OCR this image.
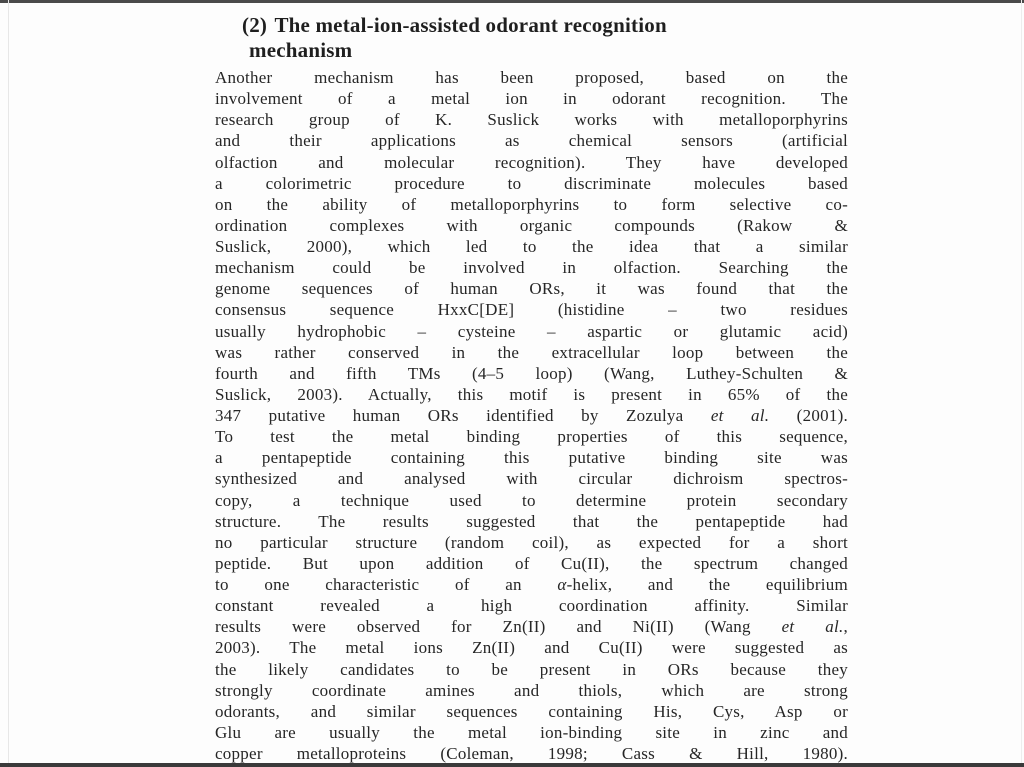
(2) The metal-ion-assisted odorant recognition
mechanism
Another mechanism has been proposed, based on the
involvement of a metal ion in odorant recognition. The
research group of K. Suslick works with metalloporphyrins
and their applications as chemical sensors (artificial
olfaction and molecular recognition). They have developed
a colorimetric procedure to discriminate molecules based
on the ability of metalloporphyrins to form selective co-
ordination complexes with organic compounds (Rakow &
Suslick, 2000), which led to the idea that a similar
mechanism could be involved in olfaction. Searching the
genome sequences of human ORs, it was found that the
consensus sequence HxxC[DE] (histidine – two residues
usually hydrophobic – cysteine – aspartic or glutamic acid)
was rather conserved in the extracellular loop between the
fourth and fifth TMs (4–5 loop) (Wang, Luthey-Schulten &
Suslick, 2003). Actually, this motif is present in 65% of the
347 putative human ORs identified by Zozulya et al. (2001).
To test the metal binding properties of this sequence,
a pentapeptide containing this putative binding site was
synthesized and analysed with circular dichroism spectros-
copy, a technique used to determine protein secondary
structure. The results suggested that the pentapeptide had
no particular structure (random coil), as expected for a short
peptide. But upon addition of Cu(II), the spectrum changed
to one characteristic of an α-helix, and the equilibrium
constant revealed a high coordination affinity. Similar
results were observed for Zn(II) and Ni(II) (Wang et al.,
2003). The metal ions Zn(II) and Cu(II) were suggested as
the likely candidates to be present in ORs because they
strongly coordinate amines and thiols, which are strong
odorants, and similar sequences containing His, Cys, Asp or
Glu are usually the metal ion-binding site in zinc and
copper metalloproteins (Coleman, 1998; Cass & Hill, 1980).
